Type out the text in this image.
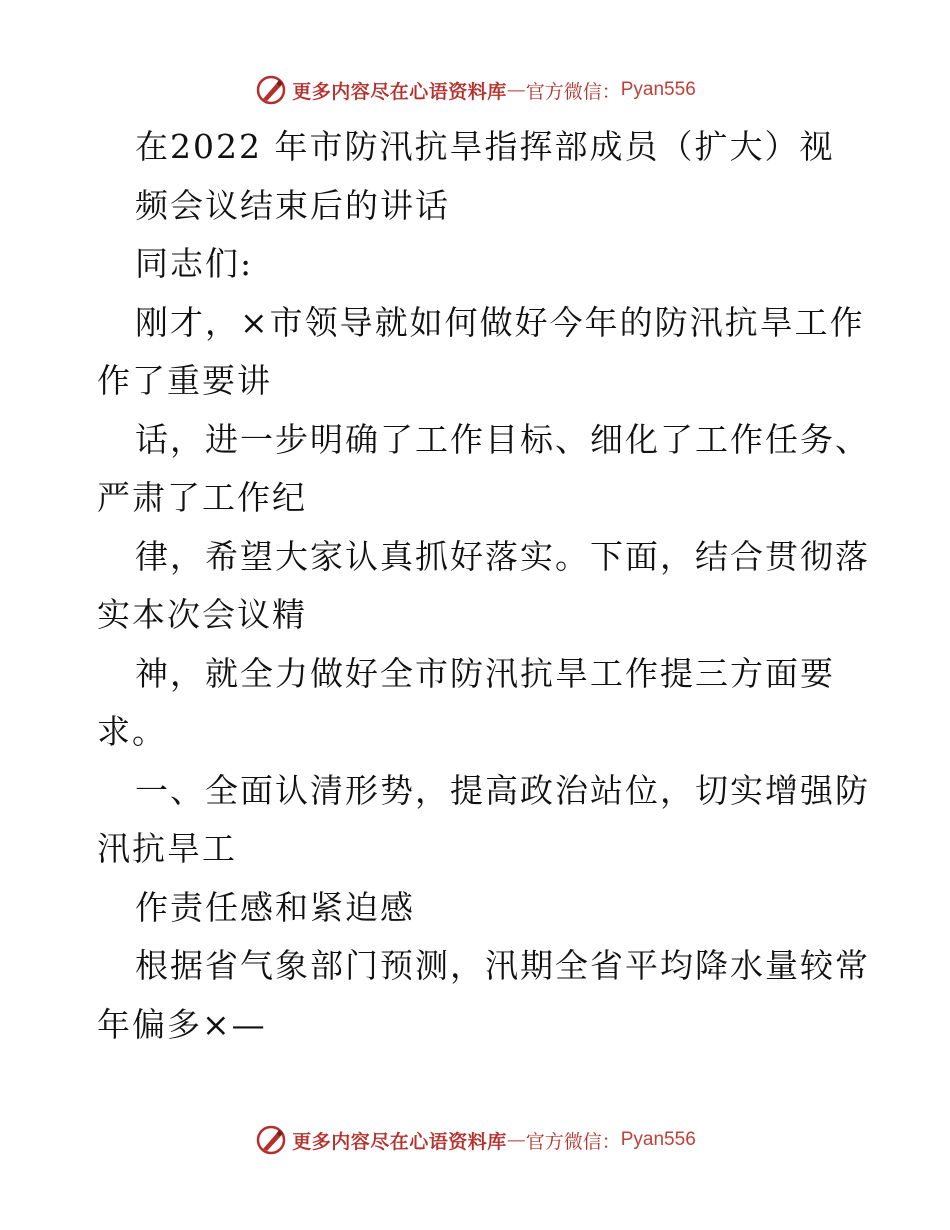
更多内容尽在心语资料库 — 官方微信： Pyan556
在2022 年市防汛抗旱指挥部成员（扩大）视
频会议结束后的讲话
同志们:
刚才，×市领导就如何做好今年的防汛抗旱工作
作了重要讲
话，进一步明确了工作目标、细化了工作任务、
严肃了工作纪
律，希望大家认真抓好落实。下面，结合贯彻落
实本次会议精
神，就全力做好全市防汛抗旱工作提三方面要
求。
一、全面认清形势，提高政治站位，切实增强防
汛抗旱工
作责任感和紧迫感
根据省气象部门预测，汛期全省平均降水量较常
年偏多×—
更多内容尽在心语资料库 — 官方微信： Pyan556
